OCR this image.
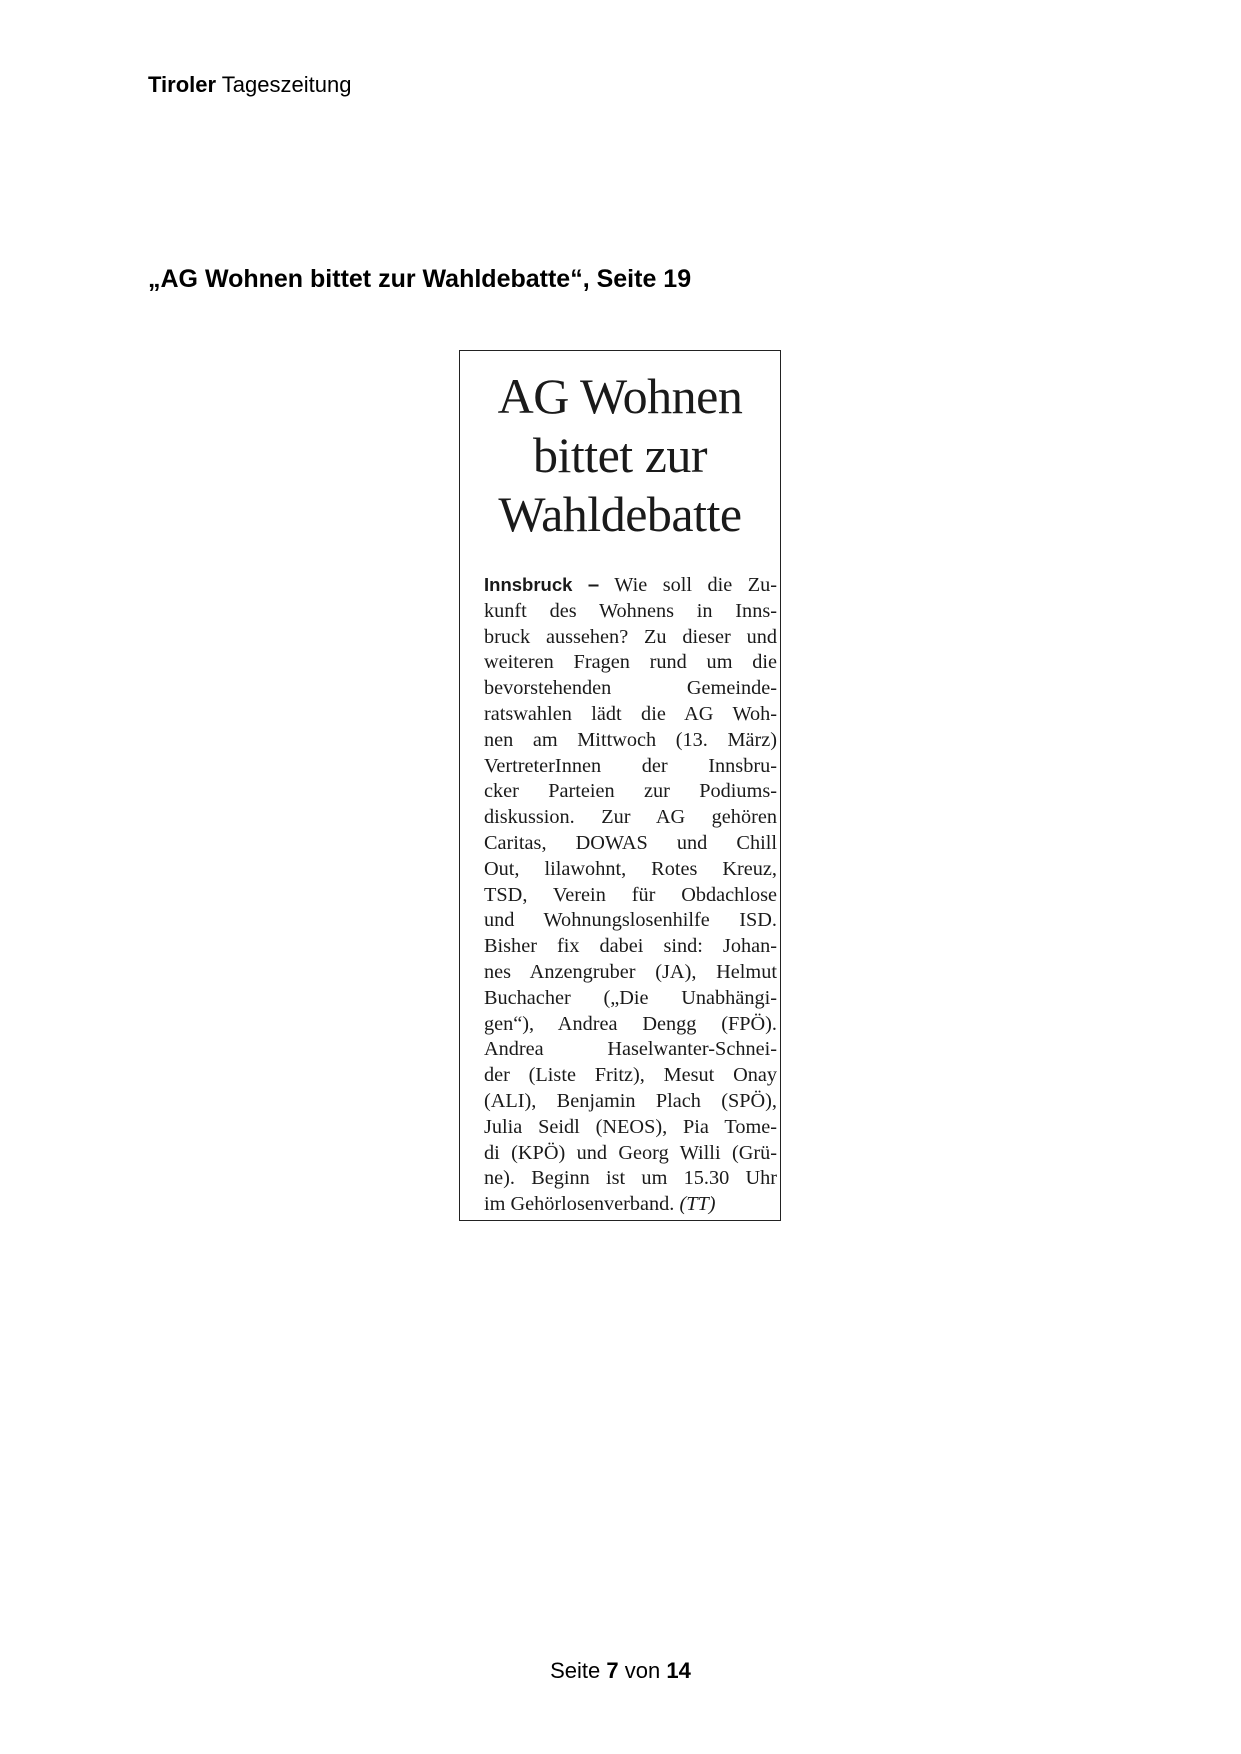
Tiroler Tageszeitung
„AG Wohnen bittet zur Wahldebatte“, Seite 19
AG Wohnen
bittet zur
Wahldebatte
Innsbruck – Wie soll die Zu-
kunft des Wohnens in Inns-
bruck aussehen? Zu dieser und
weiteren Fragen rund um die
bevorstehenden Gemeinde-
ratswahlen lädt die AG Woh-
nen am Mittwoch (13. März)
VertreterInnen der Innsbru-
cker Parteien zur Podiums-
diskussion. Zur AG gehören
Caritas, DOWAS und Chill
Out, lilawohnt, Rotes Kreuz,
TSD, Verein für Obdachlose
und Wohnungslosenhilfe ISD.
Bisher fix dabei sind: Johan-
nes Anzengruber (JA), Helmut
Buchacher („Die Unabhängi-
gen“), Andrea Dengg (FPÖ).
Andrea Haselwanter-Schnei-
der (Liste Fritz), Mesut Onay
(ALI), Benjamin Plach (SPÖ),
Julia Seidl (NEOS), Pia Tome-
di (KPÖ) und Georg Willi (Grü-
ne). Beginn ist um 15.30 Uhr
im Gehörlosenverband. (TT)
Seite 7 von 14
